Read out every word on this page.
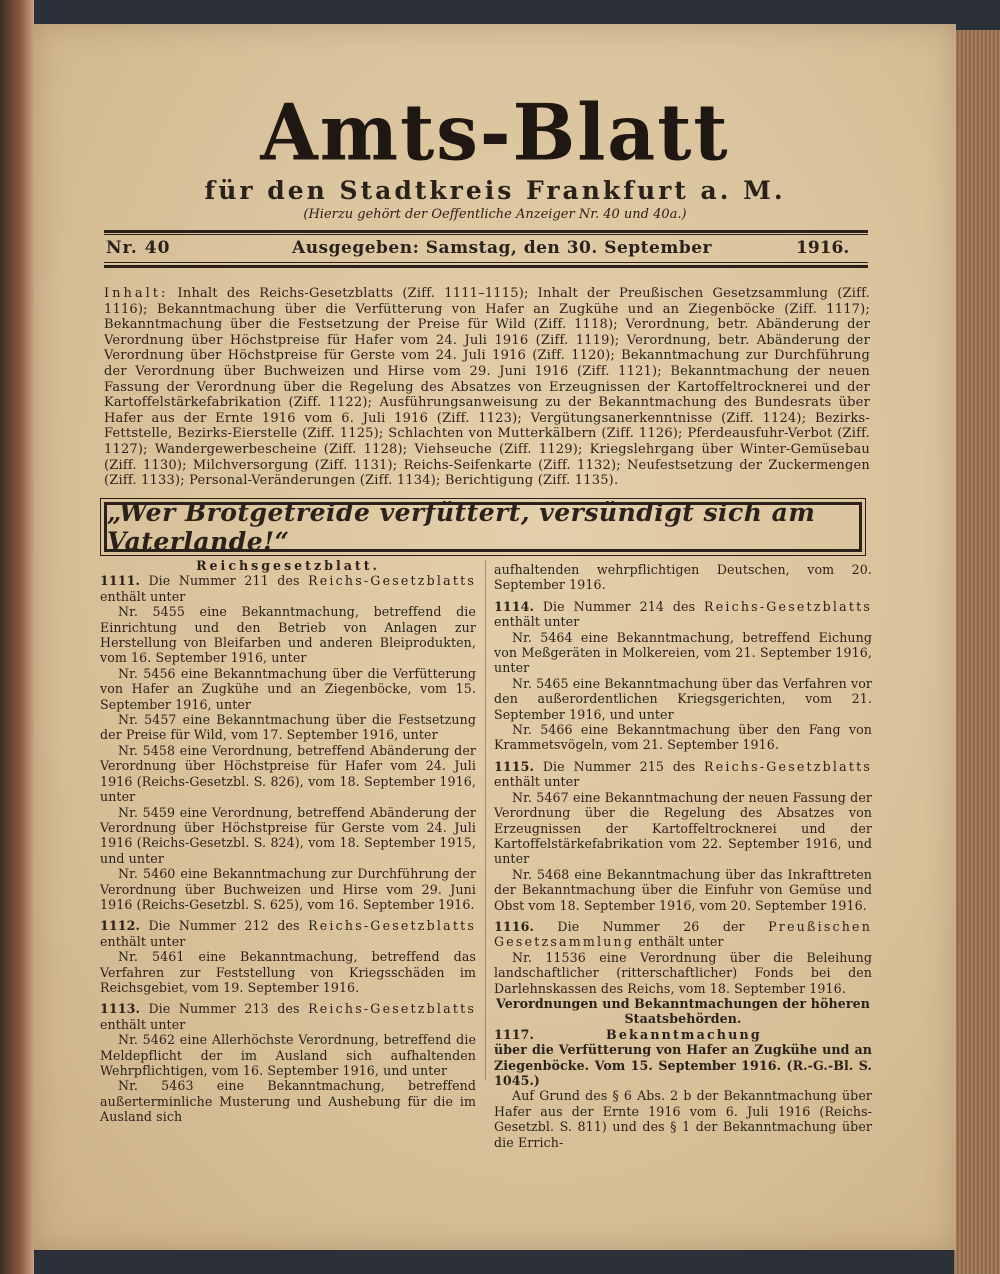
Amts-Blatt
für den Stadtkreis Frankfurt a. M.
(Hierzu gehört der Oeffentliche Anzeiger Nr. 40 und 40a.)
Nr. 40	Ausgegeben: Samstag, den 30. September	1916.
Inhalt: Inhalt des Reichs-Gesetzblatts (Ziff. 1111–1115); Inhalt der Preußischen Gesetzsammlung (Ziff. 1116); Bekanntmachung über die Verfütterung von Hafer an Zugkühe und an Ziegenböcke (Ziff. 1117); Bekanntmachung über die Festsetzung der Preise für Wild (Ziff. 1118); Verordnung, betr. Abänderung der Verordnung über Höchstpreise für Hafer vom 24. Juli 1916 (Ziff. 1119); Verordnung, betr. Abänderung der Verordnung über Höchstpreise für Gerste vom 24. Juli 1916 (Ziff. 1120); Bekanntmachung zur Durchführung der Verordnung über Buchweizen und Hirse vom 29. Juni 1916 (Ziff. 1121); Bekanntmachung der neuen Fassung der Verordnung über die Regelung des Absatzes von Erzeugnissen der Kartoffeltrocknerei und der Kartoffelstärkefabrikation (Ziff. 1122); Ausführungsanweisung zu der Bekanntmachung des Bundesrats über Hafer aus der Ernte 1916 vom 6. Juli 1916 (Ziff. 1123); Vergütungsanerkenntnisse (Ziff. 1124); Bezirks-Fettstelle, Bezirks-Eierstelle (Ziff. 1125); Schlachten von Mutterkälbern (Ziff. 1126); Pferdeausfuhr-Verbot (Ziff. 1127); Wandergewerbescheine (Ziff. 1128); Viehseuche (Ziff. 1129); Kriegslehrgang über Winter-Gemüsebau (Ziff. 1130); Milchversorgung (Ziff. 1131); Reichs-Seifenkarte (Ziff. 1132); Neufestsetzung der Zuckermengen (Ziff. 1133); Personal-Veränderungen (Ziff. 1134); Berichtigung (Ziff. 1135).
„Wer Brotgetreide verfüttert, versündigt sich am Vaterlande!“

Reichsgesetzblatt.

1111. Die Nummer 211 des Reichs-Gesetzblatts enthält unter

Nr. 5455 eine Bekanntmachung, betreffend die Einrichtung und den Betrieb von Anlagen zur Herstellung von Bleifarben und anderen Bleiprodukten, vom 16. September 1916, unter

Nr. 5456 eine Bekanntmachung über die Verfütterung von Hafer an Zugkühe und an Ziegenböcke, vom 15. September 1916, unter

Nr. 5457 eine Bekanntmachung über die Festsetzung der Preise für Wild, vom 17. September 1916, unter

Nr. 5458 eine Verordnung, betreffend Abänderung der Verordnung über Höchstpreise für Hafer vom 24. Juli 1916 (Reichs-Gesetzbl. S. 826), vom 18. September 1916, unter

Nr. 5459 eine Verordnung, betreffend Abänderung der Verordnung über Höchstpreise für Gerste vom 24. Juli 1916 (Reichs-Gesetzbl. S. 824), vom 18. September 1915, und unter

Nr. 5460 eine Bekanntmachung zur Durchführung der Verordnung über Buchweizen und Hirse vom 29. Juni 1916 (Reichs-Gesetzbl. S. 625), vom 16. September 1916.

1112. Die Nummer 212 des Reichs-Gesetzblatts enthält unter

Nr. 5461 eine Bekanntmachung, betreffend das Verfahren zur Feststellung von Kriegsschäden im Reichsgebiet, vom 19. September 1916.

1113. Die Nummer 213 des Reichs-Gesetzblatts enthält unter

Nr. 5462 eine Allerhöchste Verordnung, betreffend die Meldepflicht der im Ausland sich aufhaltenden Wehrpflichtigen, vom 16. September 1916, und unter

Nr. 5463 eine Bekanntmachung, betreffend außerterminliche Musterung und Aushebung für die im Ausland sich

aufhaltenden wehrpflichtigen Deutschen, vom 20. September 1916.

1114. Die Nummer 214 des Reichs-Gesetzblatts enthält unter

Nr. 5464 eine Bekanntmachung, betreffend Eichung von Meßgeräten in Molkereien, vom 21. September 1916, unter

Nr. 5465 eine Bekanntmachung über das Verfahren vor den außerordentlichen Kriegsgerichten, vom 21. September 1916, und unter

Nr. 5466 eine Bekanntmachung über den Fang von Krammetsvögeln, vom 21. September 1916.

1115. Die Nummer 215 des Reichs-Gesetzblatts enthält unter

Nr. 5467 eine Bekanntmachung der neuen Fassung der Verordnung über die Regelung des Absatzes von Erzeugnissen der Kartoffeltrocknerei und der Kartoffelstärkefabrikation vom 22. September 1916, und unter

Nr. 5468 eine Bekanntmachung über das Inkrafttreten der Bekanntmachung über die Einfuhr von Gemüse und Obst vom 18. September 1916, vom 20. September 1916.

1116. Die Nummer 26 der Preußischen Gesetzsammlung enthält unter

Nr. 11536 eine Verordnung über die Beleihung landschaftlicher (ritterschaftlicher) Fonds bei den Darlehnskassen des Reichs, vom 18. September 1916.

Verordnungen und Bekanntmachungen der höheren Staatsbehörden.

1117.	Bekanntmachung

über die Verfütterung von Hafer an Zugkühe und an Ziegenböcke. Vom 15. September 1916. (R.-G.-Bl. S. 1045.)

Auf Grund des § 6 Abs. 2 b der Bekanntmachung über Hafer aus der Ernte 1916 vom 6. Juli 1916 (Reichs-Gesetzbl. S. 811) und des § 1 der Bekanntmachung über die Errich-
